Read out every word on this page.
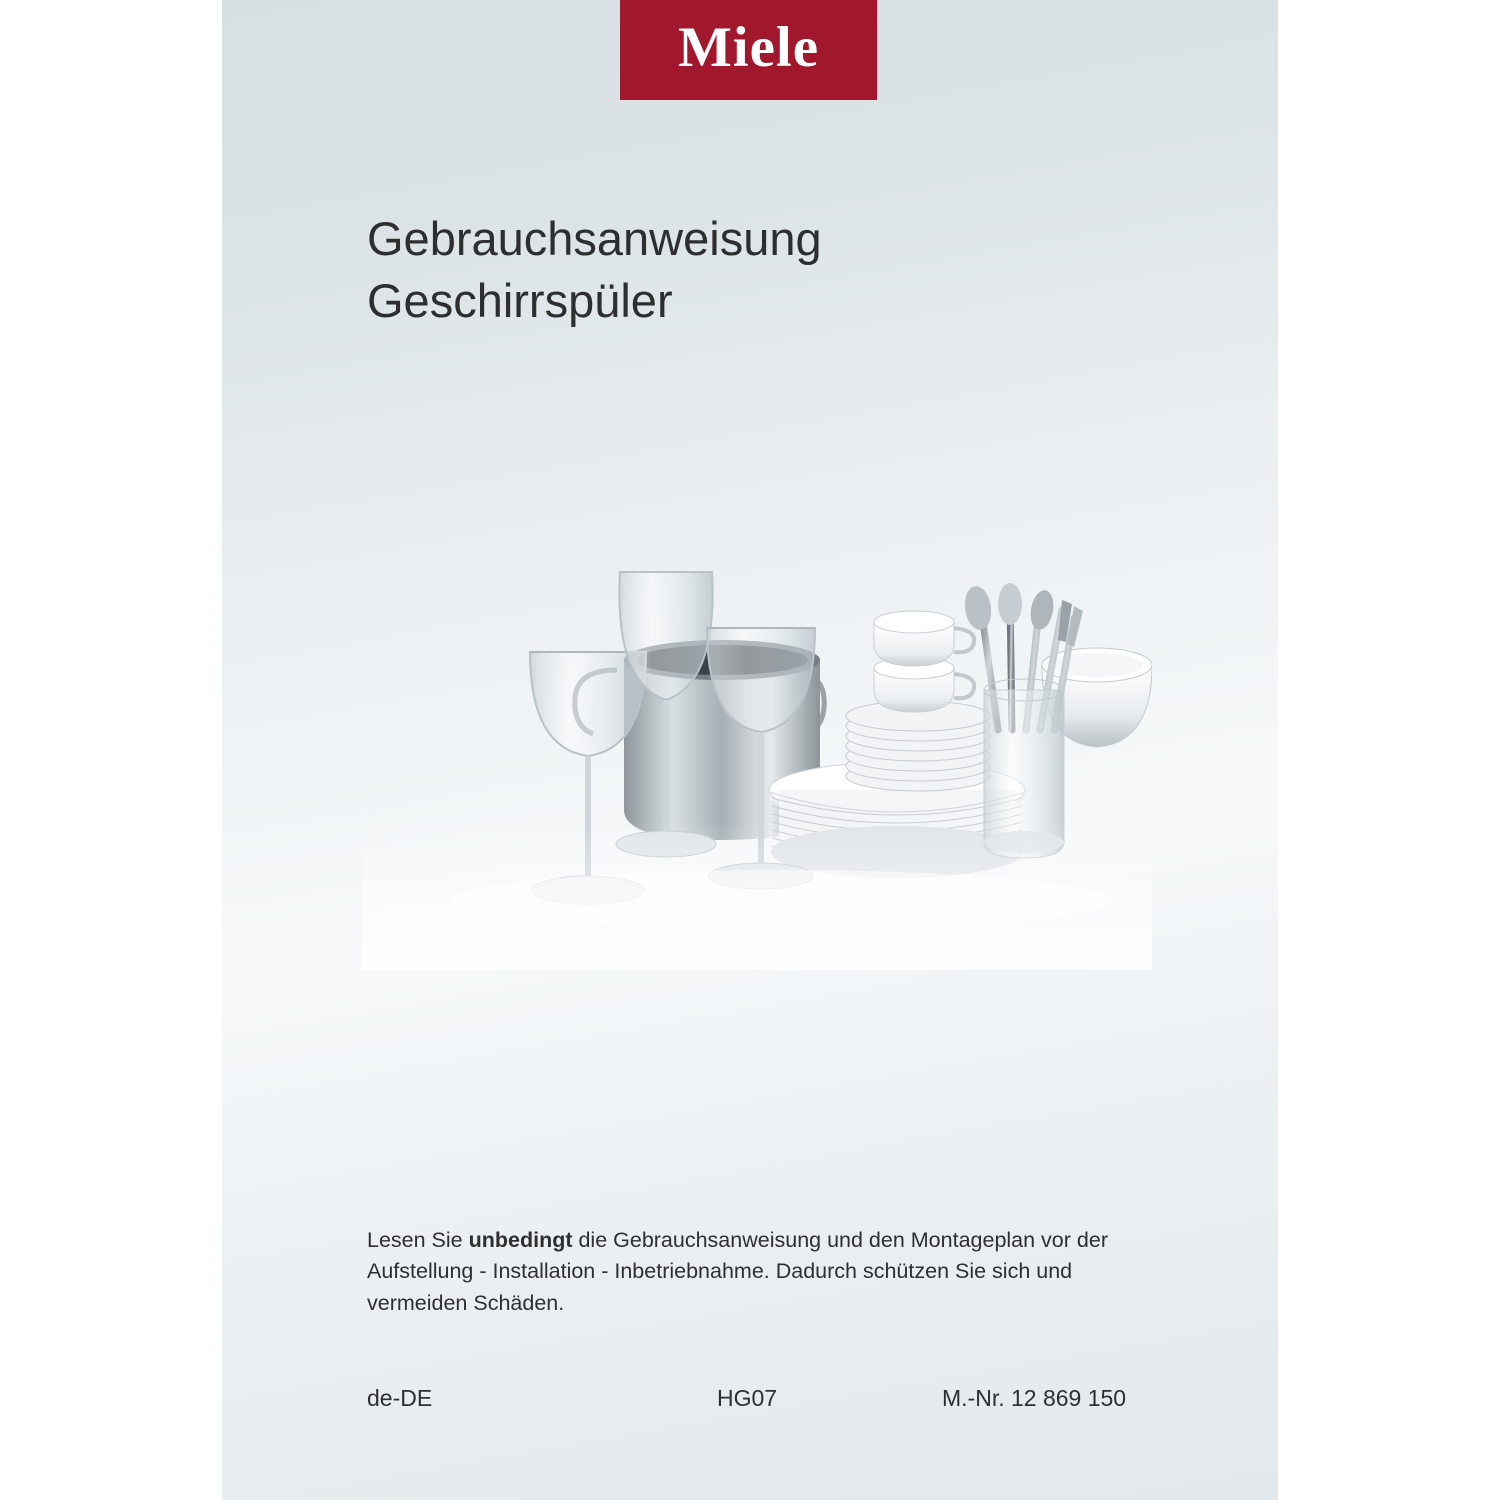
Miele
Gebrauchsanweisung
Geschirrspüler
Lesen Sie unbedingt die Gebrauchsanweisung und den Montageplan vor der Aufstellung - Installation - Inbetriebnahme. Dadurch schützen Sie sich und vermeiden Schäden.
de-DE	HG07	M.-Nr. 12 869 150
